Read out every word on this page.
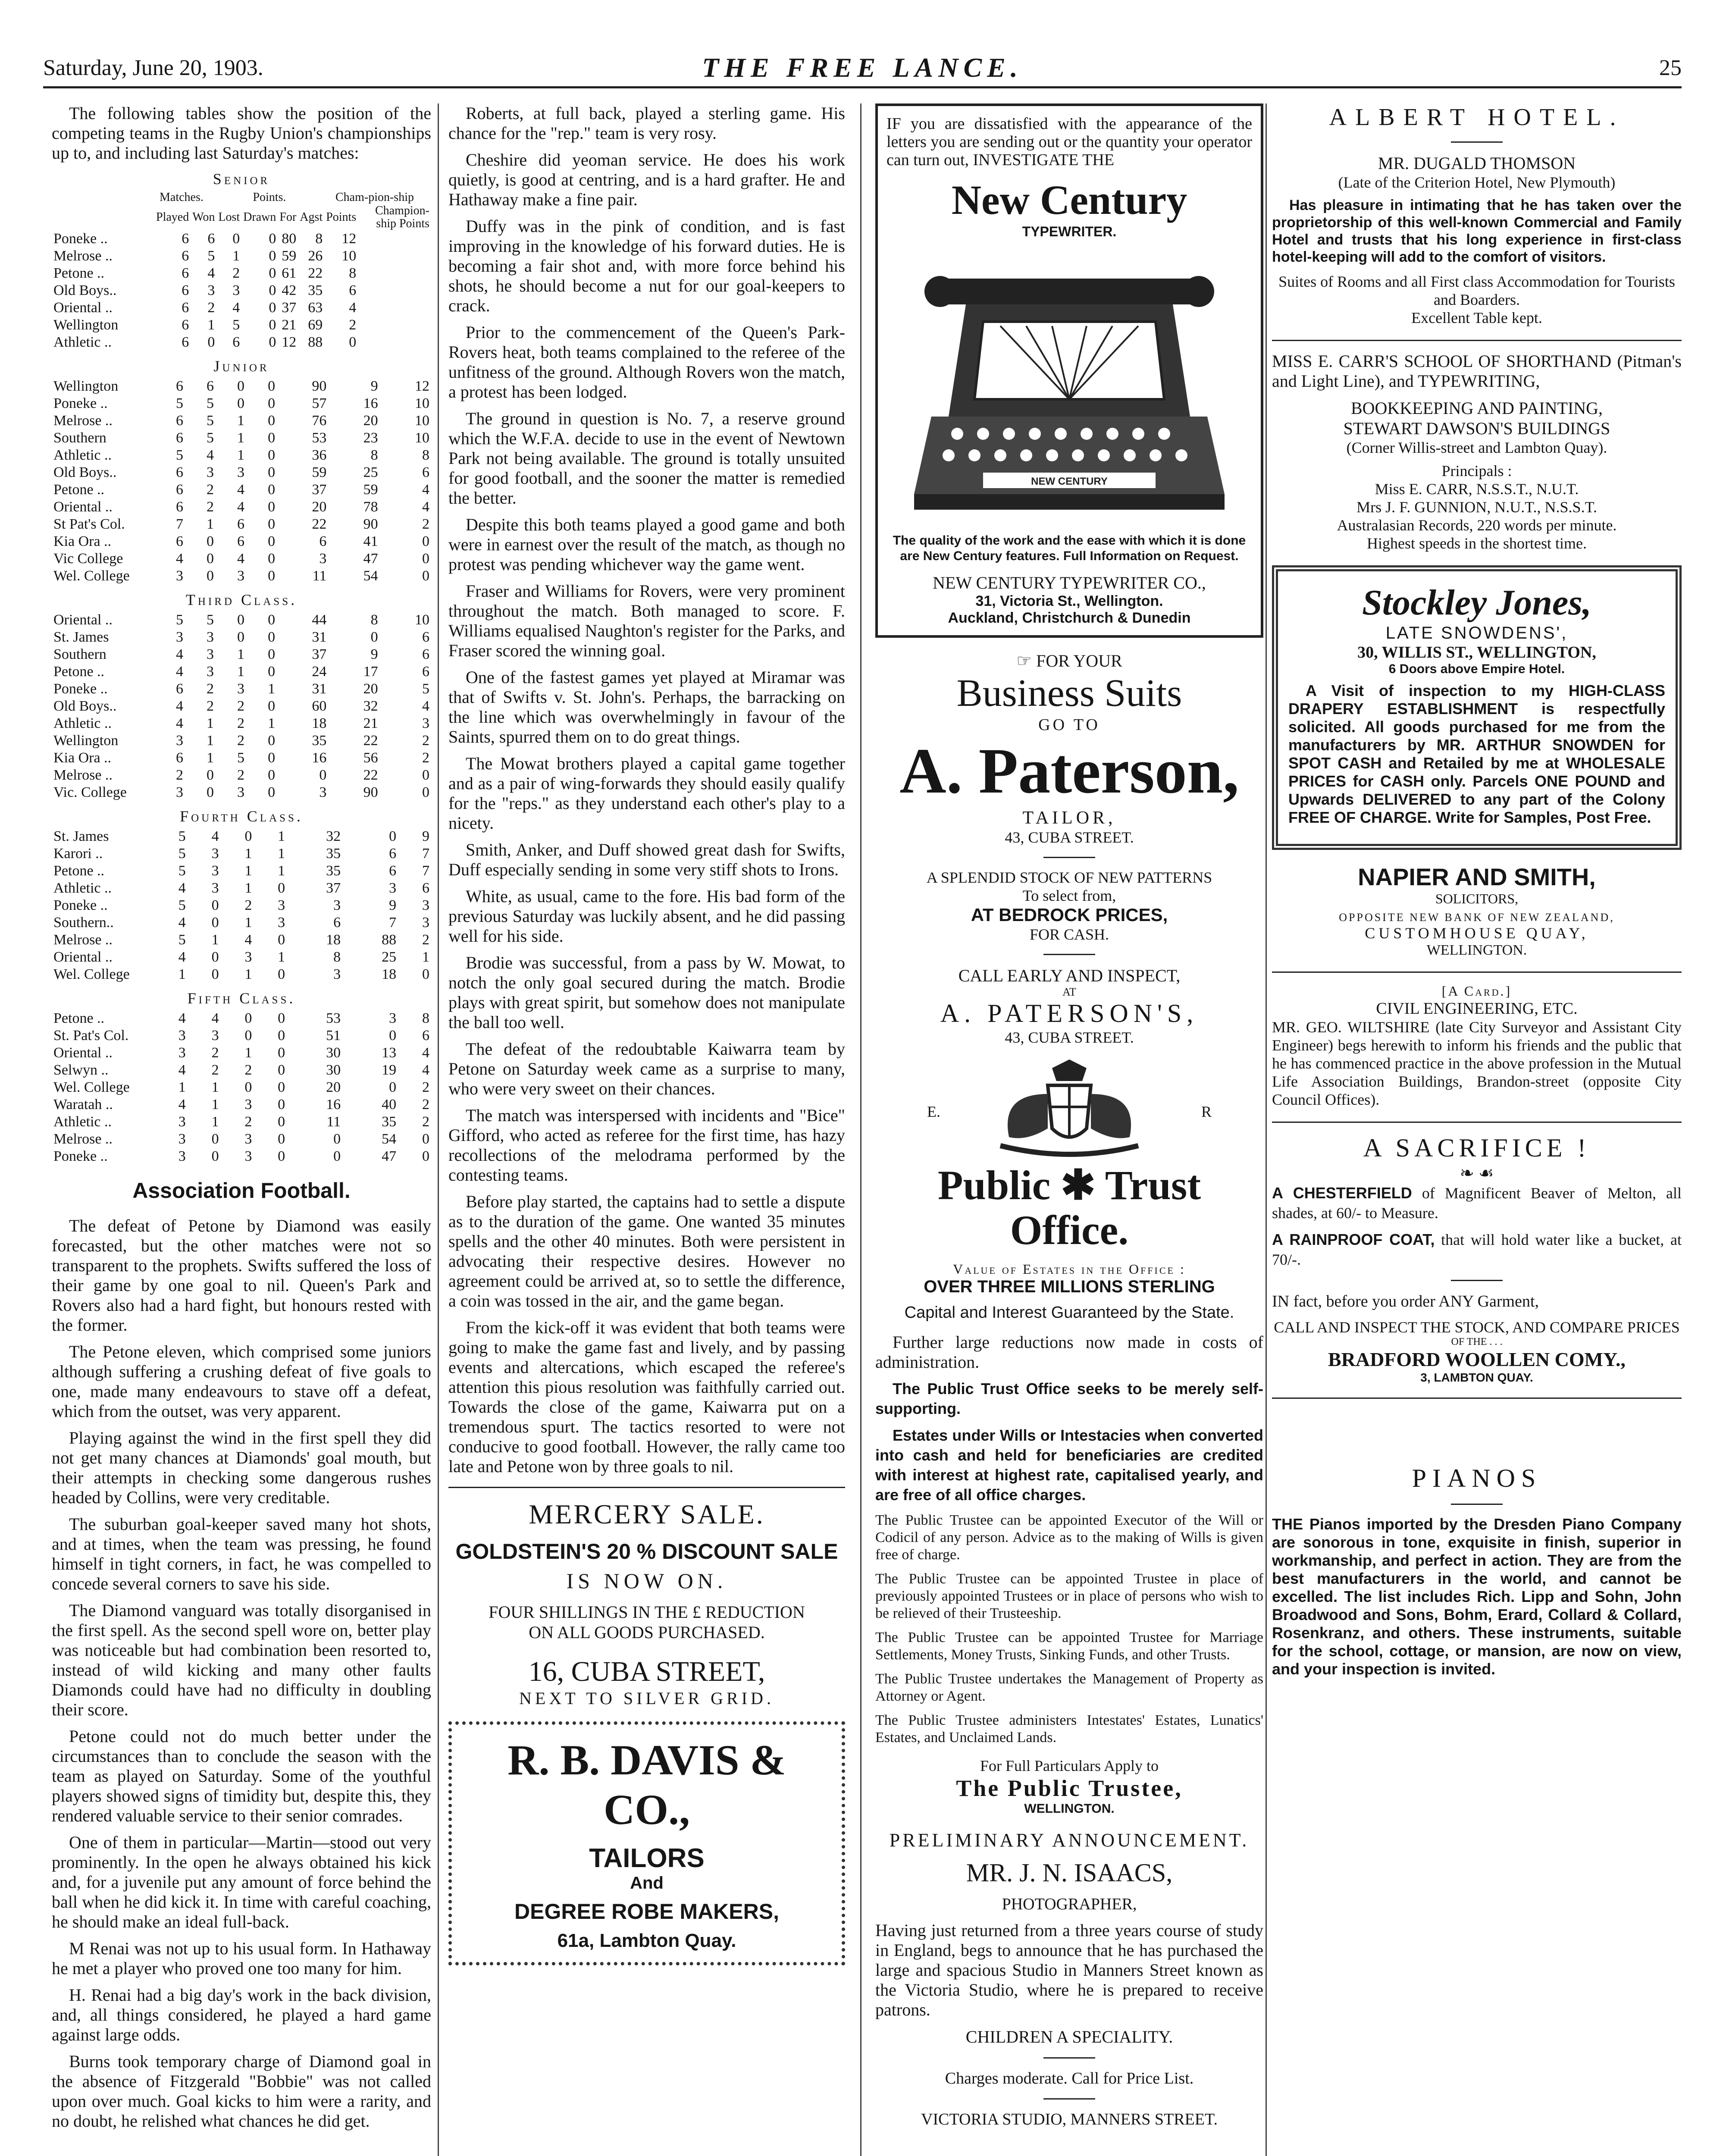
Saturday, June 20, 1903.	THE FREE LANCE.	25

The following tables show the position of the competing teams in the Rugby Union's championships up to, and including last Saturday's matches:

Senior
Matches.	Points.	Cham-pion-ship
	Played	Won	Lost	Drawn	For	Agst	Points	Champion-ship Points
Poneke ..	6	6	0	0	80	8	12	
Melrose ..	6	5	1	0	59	26	10	
Petone ..	6	4	2	0	61	22	8	
Old Boys..	6	3	3	0	42	35	6	
Oriental ..	6	2	4	0	37	63	4	
Wellington	6	1	5	0	21	69	2	
Athletic ..	6	0	6	0	12	88	0	
Junior
Wellington	6	6	0	0	90	9	12
Poneke ..	5	5	0	0	57	16	10
Melrose ..	6	5	1	0	76	20	10
Southern	6	5	1	0	53	23	10
Athletic ..	5	4	1	0	36	8	8
Old Boys..	6	3	3	0	59	25	6
Petone ..	6	2	4	0	37	59	4
Oriental ..	6	2	4	0	20	78	4
St Pat's Col.	7	1	6	0	22	90	2
Kia Ora ..	6	0	6	0	6	41	0
Vic College	4	0	4	0	3	47	0
Wel. College	3	0	3	0	11	54	0
Third Class.
Oriental ..	5	5	0	0	44	8	10
St. James	3	3	0	0	31	0	6
Southern	4	3	1	0	37	9	6
Petone ..	4	3	1	0	24	17	6
Poneke ..	6	2	3	1	31	20	5
Old Boys..	4	2	2	0	60	32	4
Athletic ..	4	1	2	1	18	21	3
Wellington	3	1	2	0	35	22	2
Kia Ora ..	6	1	5	0	16	56	2
Melrose ..	2	0	2	0	0	22	0
Vic. College	3	0	3	0	3	90	0
Fourth Class.
St. James	5	4	0	1	32	0	9
Karori ..	5	3	1	1	35	6	7
Petone ..	5	3	1	1	35	6	7
Athletic ..	4	3	1	0	37	3	6
Poneke ..	5	0	2	3	3	9	3
Southern..	4	0	1	3	6	7	3
Melrose ..	5	1	4	0	18	88	2
Oriental ..	4	0	3	1	8	25	1
Wel. College	1	0	1	0	3	18	0
Fifth Class.
Petone ..	4	4	0	0	53	3	8
St. Pat's Col.	3	3	0	0	51	0	6
Oriental ..	3	2	1	0	30	13	4
Selwyn ..	4	2	2	0	30	19	4
Wel. College	1	1	0	0	20	0	2
Waratah ..	4	1	3	0	16	40	2
Athletic ..	3	1	2	0	11	35	2
Melrose ..	3	0	3	0	0	54	0
Poneke ..	3	0	3	0	0	47	0
Association Football.

The defeat of Petone by Diamond was easily forecasted, but the other matches were not so transparent to the prophets. Swifts suffered the loss of their game by one goal to nil. Queen's Park and Rovers also had a hard fight, but honours rested with the former.

The Petone eleven, which comprised some juniors although suffering a crushing defeat of five goals to one, made many endeavours to stave off a defeat, which from the outset, was very apparent.

Playing against the wind in the first spell they did not get many chances at Diamonds' goal mouth, but their attempts in checking some dangerous rushes headed by Collins, were very creditable.

The suburban goal-keeper saved many hot shots, and at times, when the team was pressing, he found himself in tight corners, in fact, he was compelled to concede several corners to save his side.

The Diamond vanguard was totally disorganised in the first spell. As the second spell wore on, better play was noticeable but had combination been resorted to, instead of wild kicking and many other faults Diamonds could have had no difficulty in doubling their score.

Petone could not do much better under the circumstances than to conclude the season with the team as played on Saturday. Some of the youthful players showed signs of timidity but, despite this, they rendered valuable service to their senior comrades.

One of them in particular—Martin—stood out very prominently. In the open he always obtained his kick and, for a juvenile put any amount of force behind the ball when he did kick it. In time with careful coaching, he should make an ideal full-back.

M Renai was not up to his usual form. In Hathaway he met a player who proved one too many for him.

H. Renai had a big day's work in the back division, and, all things considered, he played a hard game against large odds.

Burns took temporary charge of Diamond goal in the absence of Fitzgerald "Bobbie" was not called upon over much. Goal kicks to him were a rarity, and no doubt, he relished what chances he did get.

Roberts, at full back, played a sterling game. His chance for the "rep." team is very rosy.

Cheshire did yeoman service. He does his work quietly, is good at centring, and is a hard grafter. He and Hathaway make a fine pair.

Duffy was in the pink of condition, and is fast improving in the knowledge of his forward duties. He is becoming a fair shot and, with more force behind his shots, he should become a nut for our goal-keepers to crack.

Prior to the commencement of the Queen's Park-Rovers heat, both teams complained to the referee of the unfitness of the ground. Although Rovers won the match, a protest has been lodged.

The ground in question is No. 7, a reserve ground which the W.F.A. decide to use in the event of Newtown Park not being available. The ground is totally unsuited for good football, and the sooner the matter is remedied the better.

Despite this both teams played a good game and both were in earnest over the result of the match, as though no protest was pending whichever way the game went.

Fraser and Williams for Rovers, were very prominent throughout the match. Both managed to score. F. Williams equalised Naughton's register for the Parks, and Fraser scored the winning goal.

One of the fastest games yet played at Miramar was that of Swifts v. St. John's. Perhaps, the barracking on the line which was overwhelmingly in favour of the Saints, spurred them on to do great things.

The Mowat brothers played a capital game together and as a pair of wing-forwards they should easily qualify for the "reps." as they understand each other's play to a nicety.

Smith, Anker, and Duff showed great dash for Swifts, Duff especially sending in some very stiff shots to Irons.

White, as usual, came to the fore. His bad form of the previous Saturday was luckily absent, and he did passing well for his side.

Brodie was successful, from a pass by W. Mowat, to notch the only goal secured during the match. Brodie plays with great spirit, but somehow does not manipulate the ball too well.

The defeat of the redoubtable Kaiwarra team by Petone on Saturday week came as a surprise to many, who were very sweet on their chances.

The match was interspersed with incidents and "Bice" Gifford, who acted as referee for the first time, has hazy recollections of the melodrama performed by the contesting teams.

Before play started, the captains had to settle a dispute as to the duration of the game. One wanted 35 minutes spells and the other 40 minutes. Both were persistent in advocating their respective desires. However no agreement could be arrived at, so to settle the difference, a coin was tossed in the air, and the game began.

From the kick-off it was evident that both teams were going to make the game fast and lively, and by passing events and altercations, which escaped the referee's attention this pious resolution was faithfully carried out. Towards the close of the game, Kaiwarra put on a tremendous spurt. The tactics resorted to were not conducive to good football. However, the rally came too late and Petone won by three goals to nil.

MERCERY SALE.
GOLDSTEIN'S 20 % DISCOUNT SALE
IS NOW ON.
FOUR SHILLINGS IN THE £ REDUCTION
ON ALL GOODS PURCHASED.
16, CUBA STREET,
NEXT TO SILVER GRID.
R. B. DAVIS & CO.,
TAILORS
And
DEGREE ROBE MAKERS,
61a, Lambton Quay.

IF you are dissatisfied with the appearance of the letters you are sending out or the quantity your operator can turn out, INVESTIGATE THE

New Century
TYPEWRITER.
NEW CENTURY
The quality of the work and the ease with which it is done are New Century features. Full Information on Request.
NEW CENTURY TYPEWRITER CO.,
31, Victoria St., Wellington.
Auckland, Christchurch & Dunedin
☞ FOR YOUR
Business Suits
GO TO
A. Paterson,
TAILOR,
43, CUBA STREET.
A SPLENDID STOCK OF NEW PATTERNS
To select from,
AT BEDROCK PRICES,
FOR CASH.
CALL EARLY AND INSPECT,
AT
A. PATERSON'S,
43, CUBA STREET.
E.	R
Public ✱ Trust Office.
Value of Estates in the Office :
OVER THREE MILLIONS STERLING
Capital and Interest Guaranteed by the State.

Further large reductions now made in costs of administration.

The Public Trust Office seeks to be merely self-supporting.

Estates under Wills or Intestacies when converted into cash and held for beneficiaries are credited with interest at highest rate, capitalised yearly, and are free of all office charges.

The Public Trustee can be appointed Executor of the Will or Codicil of any person. Advice as to the making of Wills is given free of charge.

The Public Trustee can be appointed Trustee in place of previously appointed Trustees or in place of persons who wish to be relieved of their Trusteeship.

The Public Trustee can be appointed Trustee for Marriage Settlements, Money Trusts, Sinking Funds, and other Trusts.

The Public Trustee undertakes the Management of Property as Attorney or Agent.

The Public Trustee administers Intestates' Estates, Lunatics' Estates, and Unclaimed Lands.

For Full Particulars Apply to
The Public Trustee,
WELLINGTON.
PRELIMINARY ANNOUNCEMENT.
MR. J. N. ISAACS,
PHOTOGRAPHER,

Having just returned from a three years course of study in England, begs to announce that he has purchased the large and spacious Studio in Manners Street known as the Victoria Studio, where he is prepared to receive patrons.

CHILDREN A SPECIALITY.
Charges moderate. Call for Price List.
VICTORIA STUDIO, MANNERS STREET.
ALBERT HOTEL.
MR. DUGALD THOMSON
(Late of the Criterion Hotel, New Plymouth)

Has pleasure in intimating that he has taken over the proprietorship of this well-known Commercial and Family Hotel and trusts that his long experience in first-class hotel-keeping will add to the comfort of visitors.

Suites of Rooms and all First class Accommodation for Tourists and Boarders.
Excellent Table kept.

MISS E. CARR'S SCHOOL OF SHORTHAND (Pitman's and Light Line), and TYPEWRITING,

BOOKKEEPING AND PAINTING,
STEWART DAWSON'S BUILDINGS
(Corner Willis-street and Lambton Quay).
Principals :
Miss E. CARR, N.S.S.T., N.U.T.
Mrs J. F. GUNNION, N.U.T., N.S.S.T.
Australasian Records, 220 words per minute.
Highest speeds in the shortest time.
Stockley Jones,
LATE SNOWDENS',
30, WILLIS ST., WELLINGTON,
6 Doors above Empire Hotel.

A Visit of inspection to my HIGH-CLASS DRAPERY ESTABLISHMENT is respectfully solicited. All goods purchased for me from the manufacturers by MR. ARTHUR SNOWDEN for SPOT CASH and Retailed by me at WHOLESALE PRICES for CASH only. Parcels ONE POUND and Upwards DELIVERED to any part of the Colony FREE OF CHARGE. Write for Samples, Post Free.

NAPIER AND SMITH,
SOLICITORS,
OPPOSITE NEW BANK OF NEW ZEALAND,
CUSTOMHOUSE QUAY,
WELLINGTON.
[A Card.]
CIVIL ENGINEERING, ETC.

MR. GEO. WILTSHIRE (late City Surveyor and Assistant City Engineer) begs herewith to inform his friends and the public that he has commenced practice in the above profession in the Mutual Life Association Buildings, Brandon-street (opposite City Council Offices).

A SACRIFICE !
❧ ☙

A CHESTERFIELD of Magnificent Beaver of Melton, all shades, at 60/- to Measure.

A RAINPROOF COAT, that will hold water like a bucket, at 70/-.

IN fact, before you order ANY Garment,

CALL AND INSPECT THE STOCK, AND COMPARE PRICES
OF THE . . .
BRADFORD WOOLLEN COMY.,
3, LAMBTON QUAY.
PIANOS

THE Pianos imported by the Dresden Piano Company are sonorous in tone, exquisite in finish, superior in workmanship, and perfect in action. They are from the best manufacturers in the world, and cannot be excelled. The list includes Rich. Lipp and Sohn, John Broadwood and Sons, Bohm, Erard, Collard & Collard, Rosenkranz, and others. These instruments, suitable for the school, cottage, or mansion, are now on view, and your inspection is invited.
